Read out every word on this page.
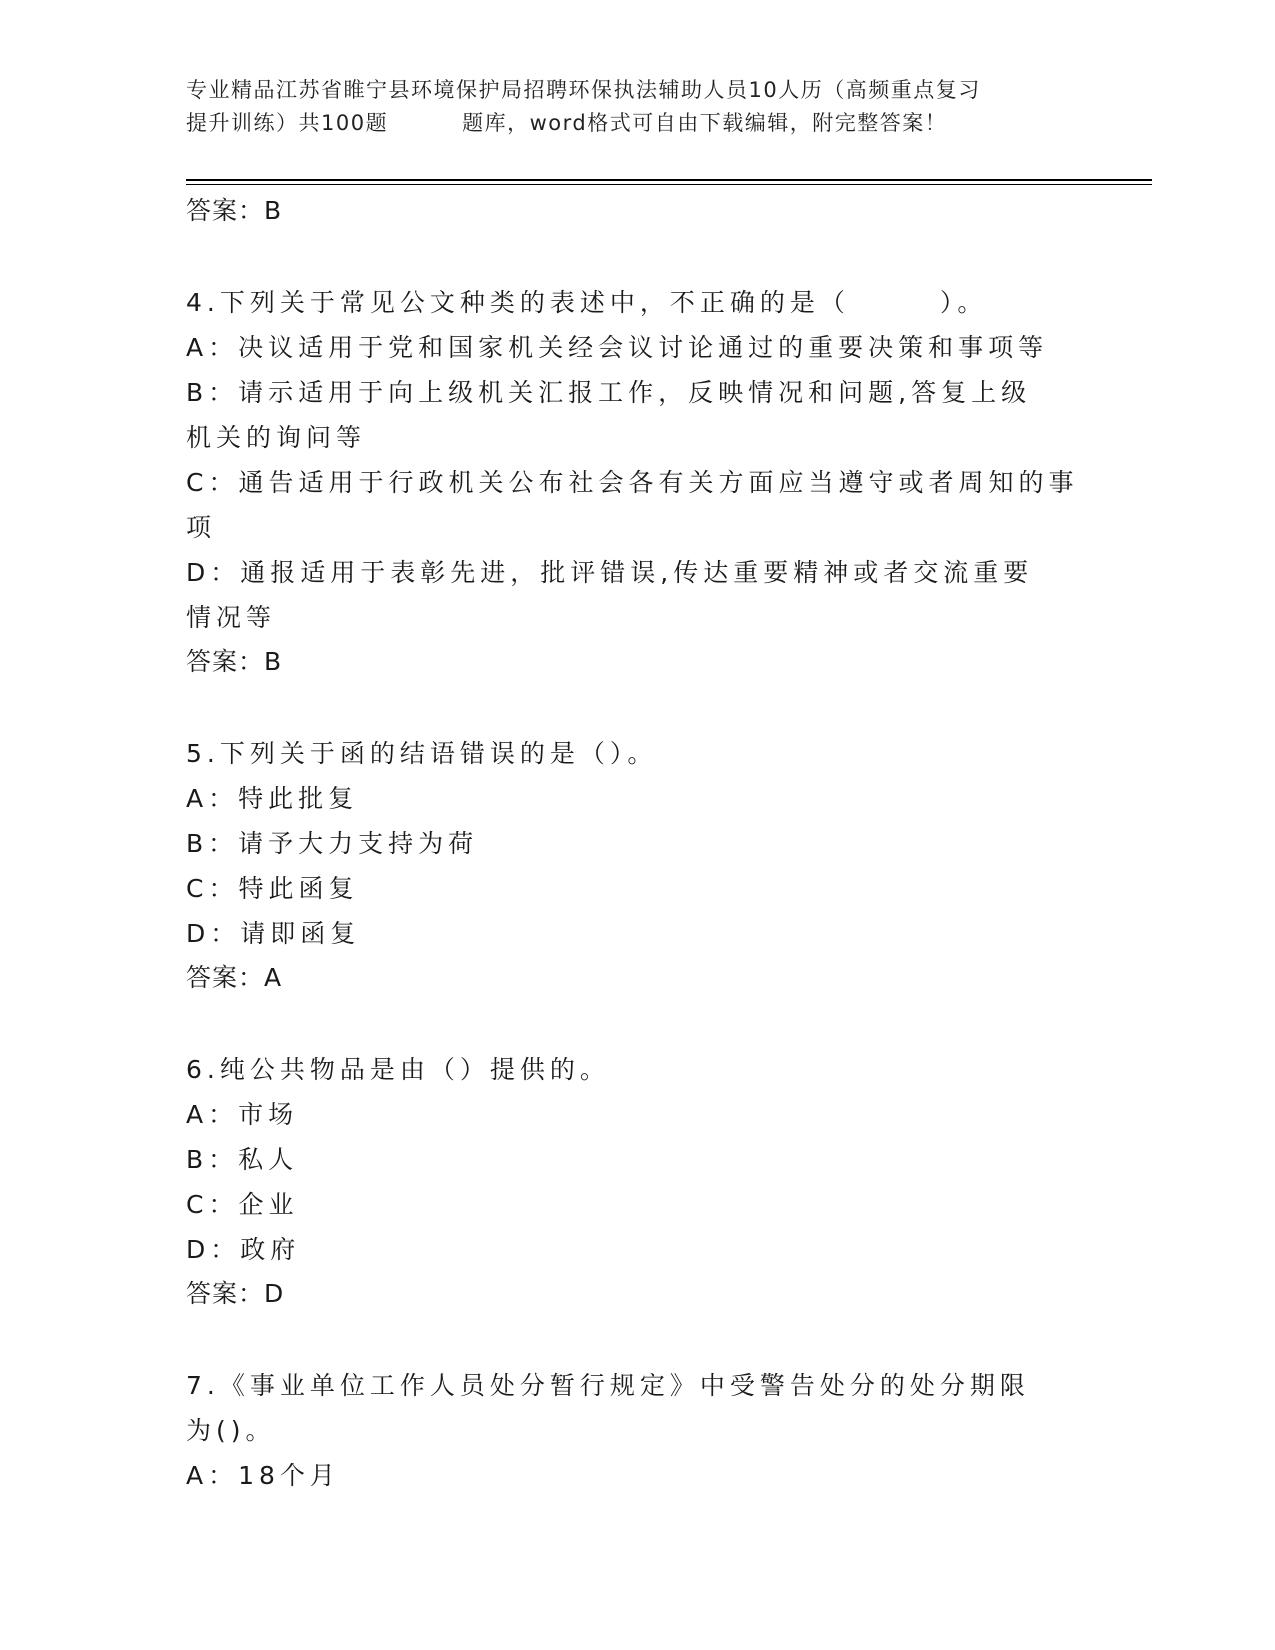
专业精品江苏省睢宁县环境保护局招聘环保执法辅助人员10人历（高频重点复习
提升训练）共100题	题库，word格式可自由下载编辑，附完整答案！

答案：B

4.下列关于常见公文种类的表述中，不正确的是（　　　）。

A：决议适用于党和国家机关经会议讨论通过的重要决策和事项等

B：请示适用于向上级机关汇报工作，反映情况和问题,答复上级机关的询问等

C：通告适用于行政机关公布社会各有关方面应当遵守或者周知的事项

D：通报适用于表彰先进，批评错误,传达重要精神或者交流重要情况等

答案：B

5.下列关于函的结语错误的是（）。

A：特此批复

B：请予大力支持为荷

C：特此函复

D：请即函复

答案：A

6.纯公共物品是由（）提供的。

A：市场

B：私人

C：企业

D：政府

答案：D

7.《事业单位工作人员处分暂行规定》中受警告处分的处分期限为()。

A：18个月
